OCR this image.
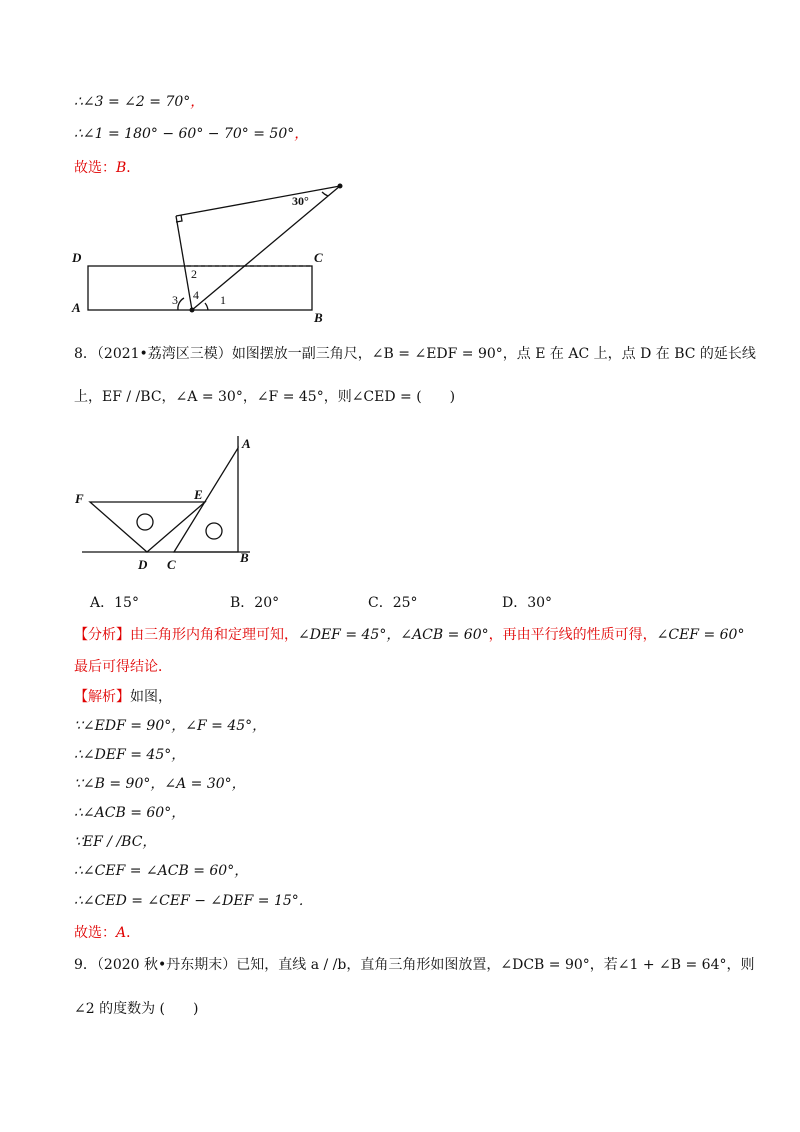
∴∠3 = ∠2 = 70°，
∴∠1 = 180° − 60° − 70° = 50°，
故选：B．
D	C
A
B
1
2
3 4
30°
8．（2021•荔湾区三模）如图摆放一副三角尺，∠B = ∠EDF = 90°，点 E 在 AC 上，点 D 在 BC 的延长线
上，EF / /BC，∠A = 30°，∠F = 45°，则∠CED = (　　)
A
E
F
D C	B
A．15°	B．20°	C．25°	D．30°
【分析】由三角形内角和定理可知，∠DEF = 45°，∠ACB = 60°，再由平行线的性质可得，∠CEF = 60°
最后可得结论．
【解析】如图，
∵∠EDF = 90°，∠F = 45°，
∴∠DEF = 45°，
∵∠B = 90°，∠A = 30°，
∴∠ACB = 60°，
∵EF / /BC，
∴∠CEF = ∠ACB = 60°，
∴∠CED = ∠CEF − ∠DEF = 15°．
故选：A．
9．（2020 秋•丹东期末）已知，直线 a / /b，直角三角形如图放置，∠DCB = 90°，若∠1 + ∠B = 64°，则
∠2 的度数为 (　　)
